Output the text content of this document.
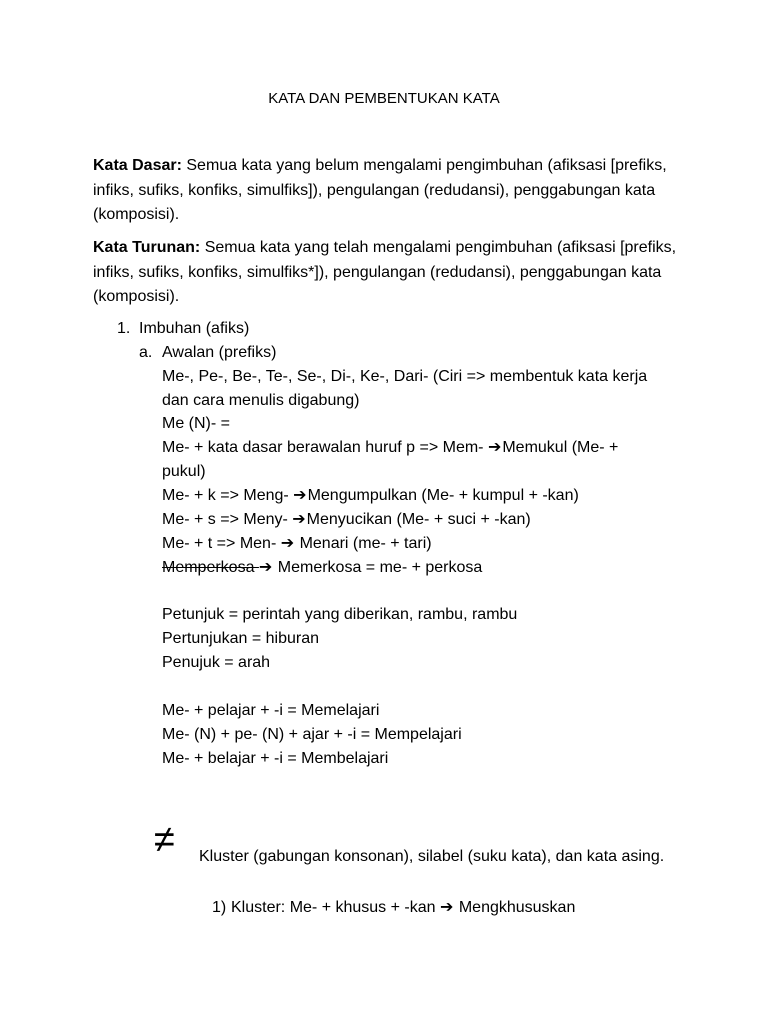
KATA DAN PEMBENTUKAN KATA
Kata Dasar: Semua kata yang belum mengalami pengimbuhan (afiksasi [prefiks, infiks, sufiks, konfiks, simulfiks]), pengulangan (redudansi), penggabungan kata (komposisi).
Kata Turunan: Semua kata yang telah mengalami pengimbuhan (afiksasi [prefiks, infiks, sufiks, konfiks, simulfiks*]), pengulangan (redudansi), penggabungan kata (komposisi).
1. Imbuhan (afiks)
a. Awalan (prefiks)
Me-, Pe-, Be-, Te-, Se-, Di-, Ke-, Dari- (Ciri => membentuk kata kerja
dan cara menulis digabung)
Me (N)- =
Me- + kata dasar berawalan huruf p => Mem- ➔Memukul (Me- +
pukul)
Me- + k => Meng- ➔Mengumpulkan (Me- + kumpul + -kan)
Me- + s => Meny- ➔Menyucikan (Me- + suci + -kan)
Me- + t => Men- ➔ Menari (me- + tari)
Memperkosa ➔ Memerkosa = me- + perkosa
Petunjuk = perintah yang diberikan, rambu, rambu
Pertunjukan = hiburan
Penujuk = arah
Me- + pelajar + -i = Memelajari
Me- (N) + pe- (N) + ajar + -i = Mempelajari
Me- + belajar + -i = Membelajari
≠ Kluster (gabungan konsonan), silabel (suku kata), dan kata asing.
1) Kluster: Me- + khusus + -kan ➔ Mengkhususkan
